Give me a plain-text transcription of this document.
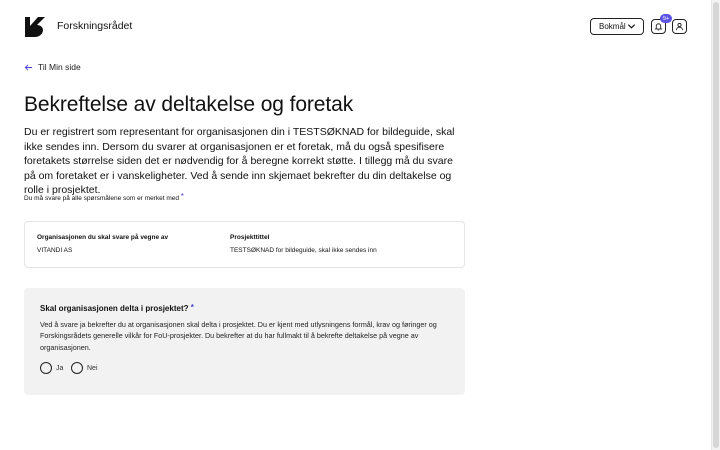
Forskningsrådet	Bokmål
9+
Til Min side
Bekreftelse av deltakelse og foretak

Du er registrert som representant for organisasjonen din i TESTSØKNAD for bildeguide, skal ikke sendes inn. Dersom du svarer at organisasjonen er et foretak, må du også spesifisere foretakets størrelse siden det er nødvendig for å beregne korrekt støtte. I tillegg må du svare på om foretaket er i vanskeligheter. Ved å sende inn skjemaet bekrefter du din deltakelse og rolle i prosjektet.

Du må svare på alle spørsmålene som er merket med *

Organisasjonen du skal svare på vegne av
VITANDI AS
Prosjekttittel
TESTSØKNAD for bildeguide, skal ikke sendes inn
Skal organisasjonen delta i prosjektet? *

Ved å svare ja bekrefter du at organisasjonen skal delta i prosjektet. Du er kjent med utlysningens formål, krav og føringer og Forskingsrådets generelle vilkår for FoU-prosjekter. Du bekrefter at du har fullmakt til å bekrefte deltakelse på vegne av organisasjonen.

Ja	Nei
